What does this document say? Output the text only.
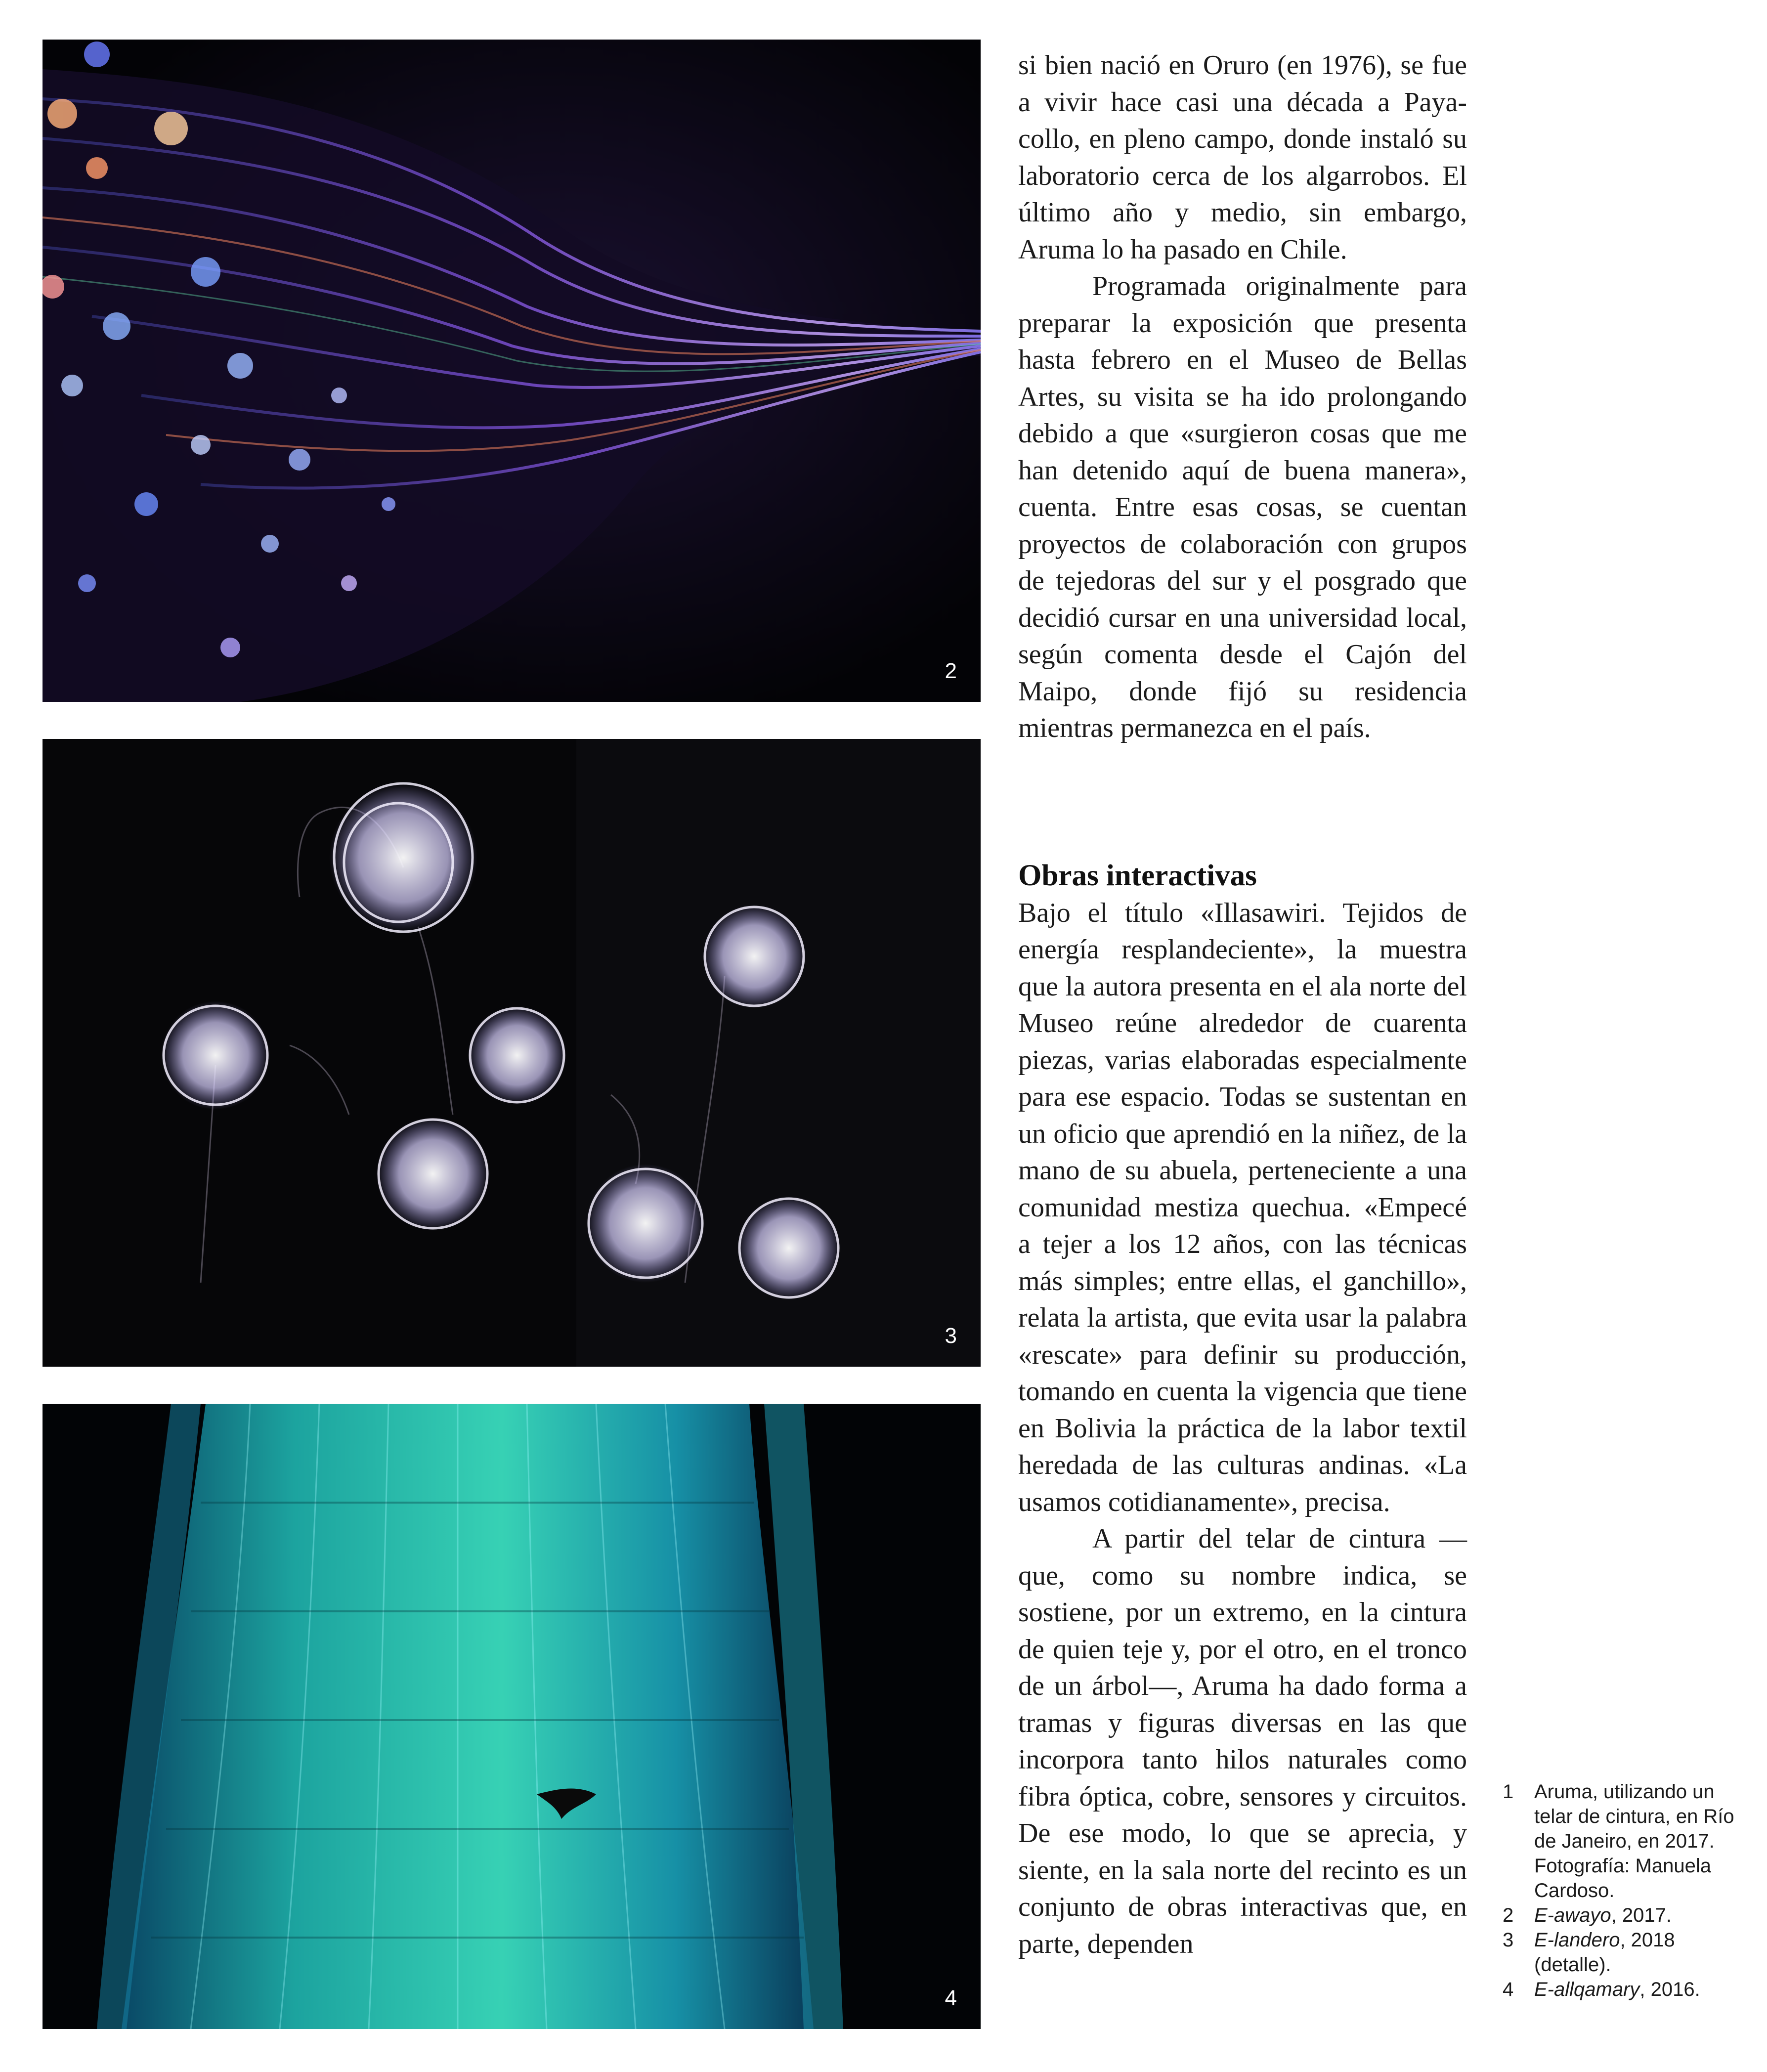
2
3
4

si bien nació en Oruro (en 1976), se fue a vivir hace casi una década a Payacollo, en pleno campo, donde instaló su laboratorio cerca de los algarrobos. El último año y medio, sin embargo, Aruma lo ha pasado en Chile.

Programada originalmente para preparar la exposición que presenta hasta febrero en el Museo de Bellas Artes, su visita se ha ido prolongando debido a que «surgieron cosas que me han detenido aquí de buena manera», cuenta. Entre esas cosas, se cuentan proyectos de colaboración con grupos de tejedoras del sur y el posgrado que decidió cursar en una universidad local, según comenta desde el Cajón del Maipo, donde fijó su residencia mientras permanezca en el país.

Obras interactivas

Bajo el título «Illasawiri. Tejidos de energía resplandeciente», la muestra que la autora presenta en el ala norte del Museo reúne alrededor de cuarenta piezas, varias elaboradas especialmente para ese espacio. Todas se sustentan en un oficio que aprendió en la niñez, de la mano de su abuela, perteneciente a una comunidad mestiza quechua. «Empecé a tejer a los 12 años, con las técnicas más simples; entre ellas, el ganchillo», relata la artista, que evita usar la palabra «rescate» para definir su producción, tomando en cuenta la vigencia que tiene en Bolivia la práctica de la labor textil heredada de las culturas andinas. «La usamos cotidianamente», precisa.

A partir del telar de cintura —que, como su nombre indica, se sostiene, por un extremo, en la cintura de quien teje y, por el otro, en el tronco de un árbol—, Aruma ha dado forma a tramas y figuras diversas en las que incorpora tanto hilos naturales como fibra óptica, cobre, sensores y circuitos. De ese modo, lo que se aprecia, y siente, en la sala norte del recinto es un conjunto de obras interactivas que, en parte, dependen

1 Aruma, utilizando un telar de cintura, en Río de Janeiro, en 2017. Fotografía: Manuela Cardoso.
2 E-awayo, 2017.
3 E-landero, 2018 (detalle).
4 E-allqamary, 2016.
